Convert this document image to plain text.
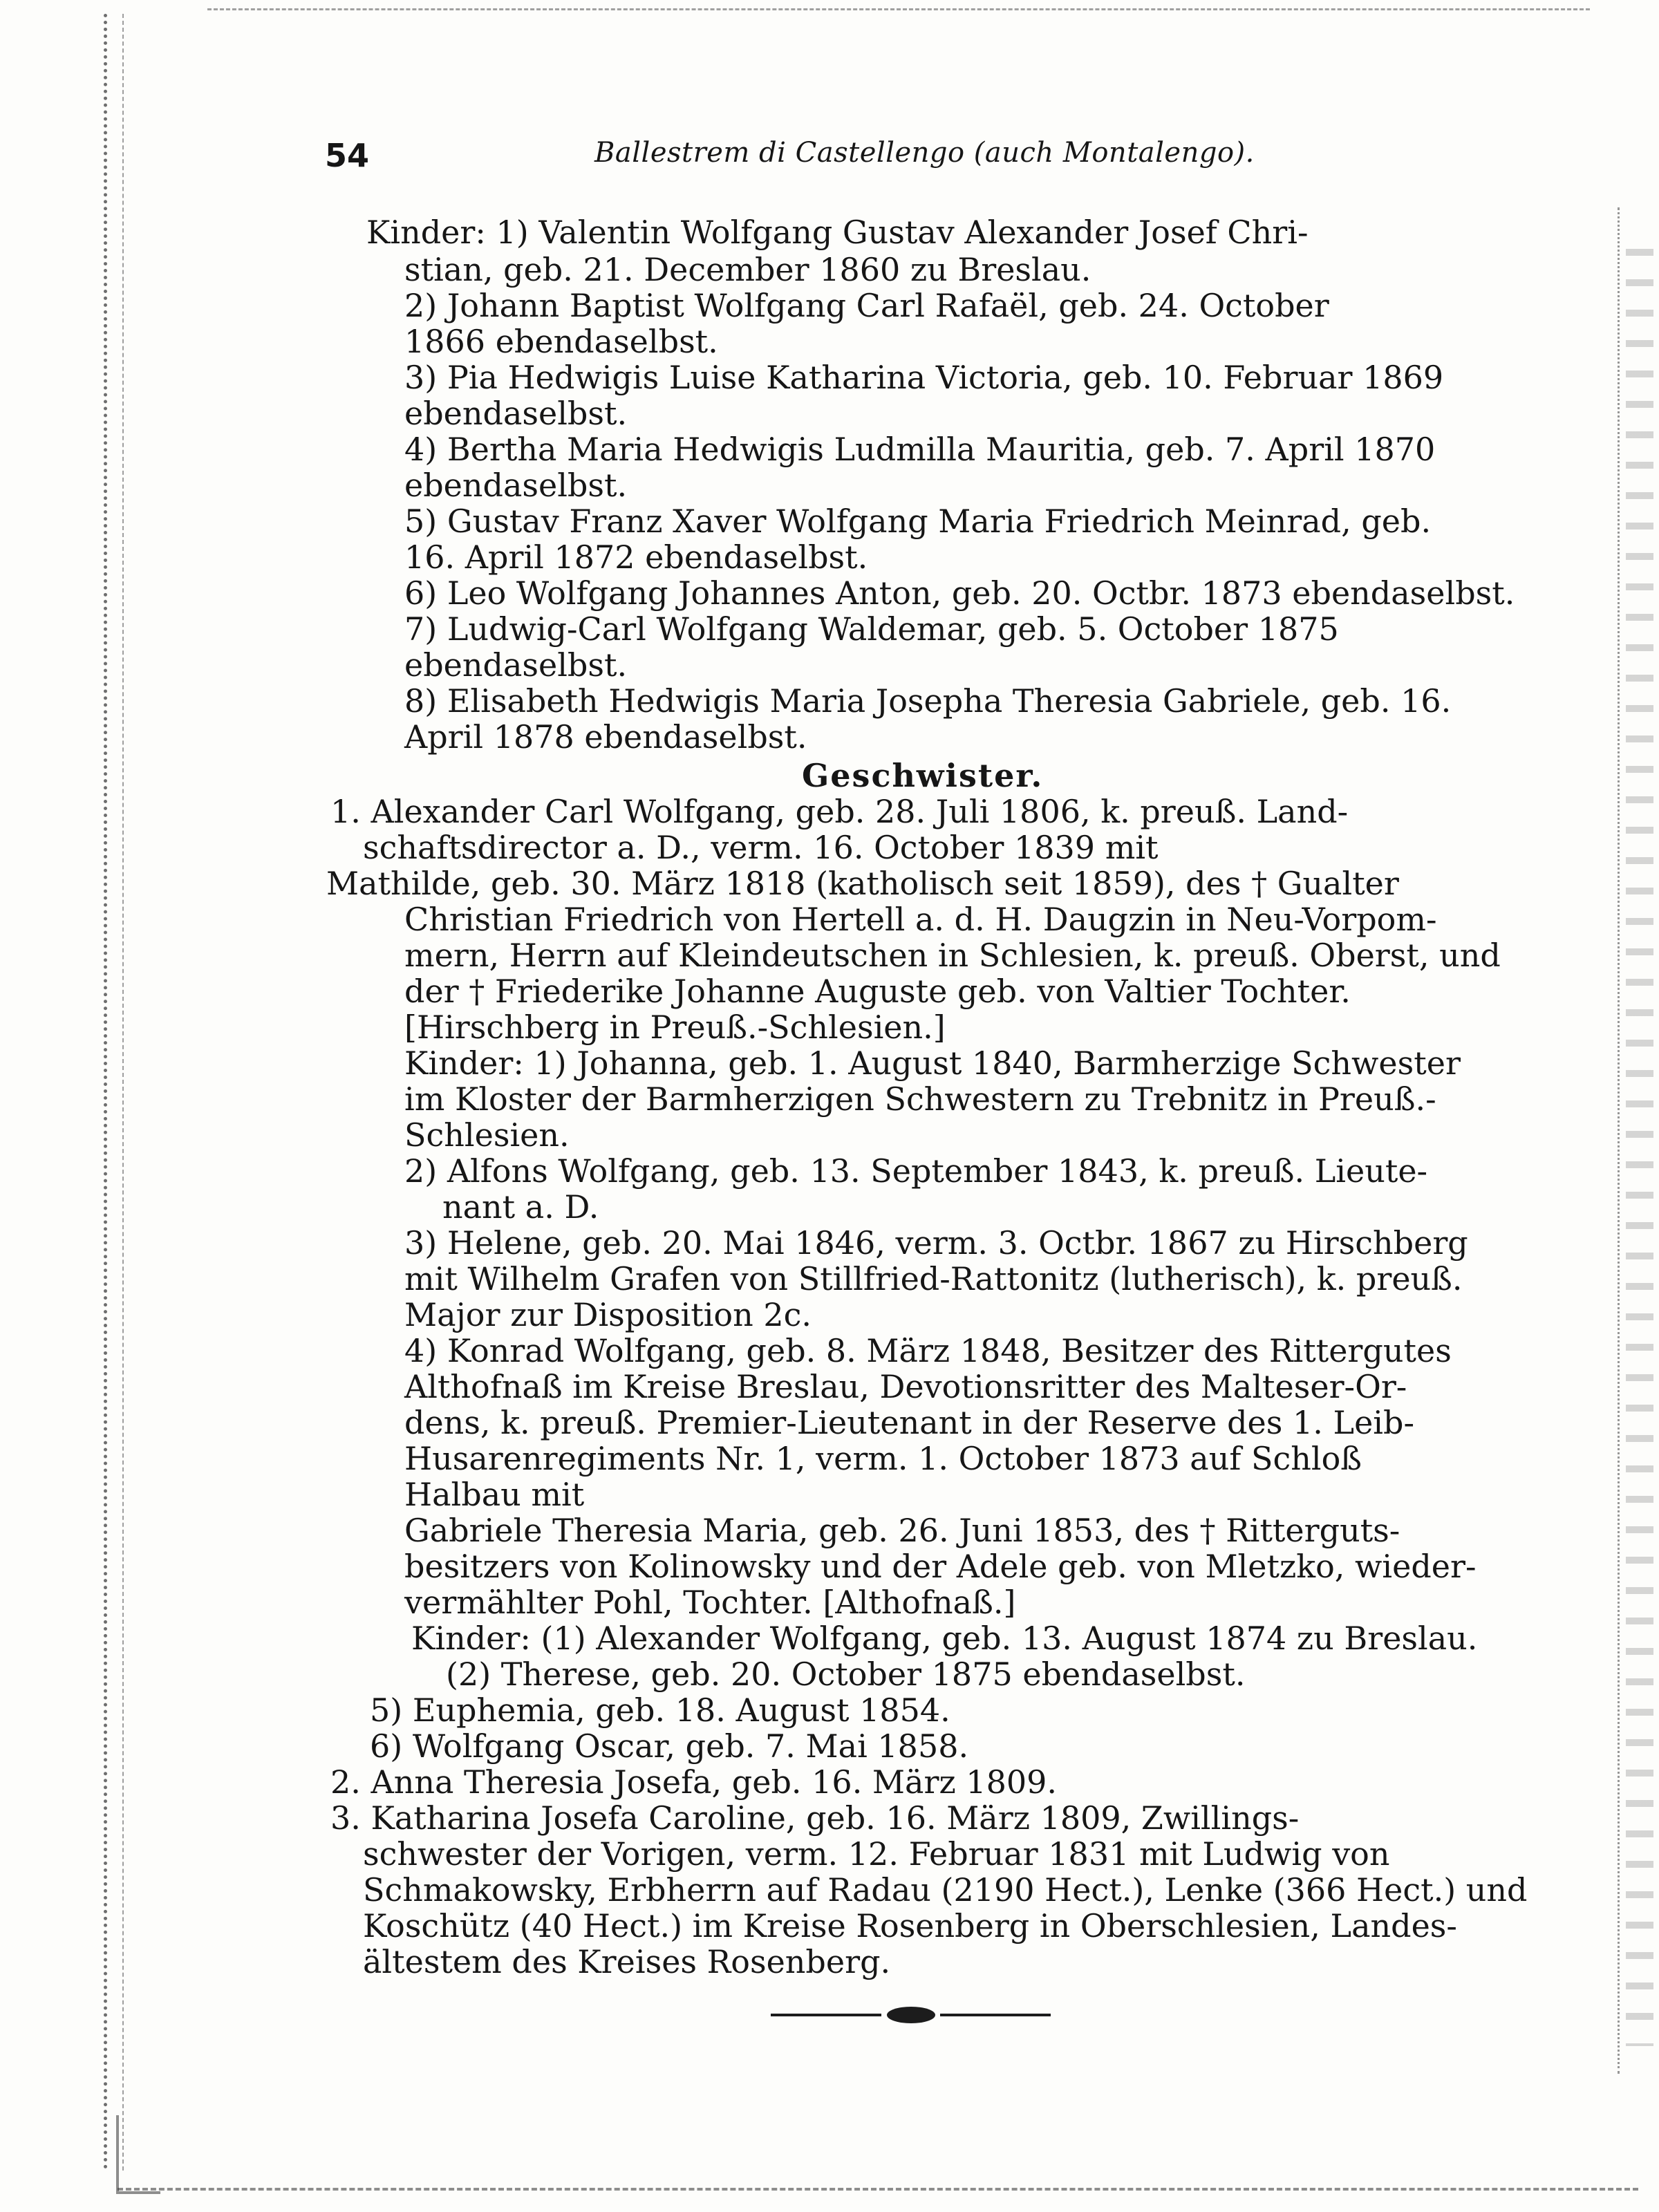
54	Ballestrem di Castellengo (auch Montalengo).
Kinder: 1) Valentin Wolfgang Gustav Alexander Josef Chri-
stian, geb. 21. December 1860 zu Breslau.
2) Johann Baptist Wolfgang Carl Rafaël, geb. 24. October
1866 ebendaselbst.
3) Pia Hedwigis Luise Katharina Victoria, geb. 10. Februar 1869
ebendaselbst.
4) Bertha Maria Hedwigis Ludmilla Mauritia, geb. 7. April 1870
ebendaselbst.
5) Gustav Franz Xaver Wolfgang Maria Friedrich Meinrad, geb.
16. April 1872 ebendaselbst.
6) Leo Wolfgang Johannes Anton, geb. 20. Octbr. 1873 ebendaselbst.
7) Ludwig-Carl Wolfgang Waldemar, geb. 5. October 1875
ebendaselbst.
8) Elisabeth Hedwigis Maria Josepha Theresia Gabriele, geb. 16.
April 1878 ebendaselbst.
Geschwister.
1. Alexander Carl Wolfgang, geb. 28. Juli 1806, k. preuß. Land-
schaftsdirector a. D., verm. 16. October 1839 mit
Mathilde, geb. 30. März 1818 (katholisch seit 1859), des † Gualter
Christian Friedrich von Hertell a. d. H. Daugzin in Neu-Vorpom-
mern, Herrn auf Kleindeutschen in Schlesien, k. preuß. Oberst, und
der † Friederike Johanne Auguste geb. von Valtier Tochter.
[Hirschberg in Preuß.-Schlesien.]
Kinder: 1) Johanna, geb. 1. August 1840, Barmherzige Schwester
im Kloster der Barmherzigen Schwestern zu Trebnitz in Preuß.-
Schlesien.
2) Alfons Wolfgang, geb. 13. September 1843, k. preuß. Lieute-
nant a. D.
3) Helene, geb. 20. Mai 1846, verm. 3. Octbr. 1867 zu Hirschberg
mit Wilhelm Grafen von Stillfried-Rattonitz (lutherisch), k. preuß.
Major zur Disposition 2c.
4) Konrad Wolfgang, geb. 8. März 1848, Besitzer des Rittergutes
Althofnaß im Kreise Breslau, Devotionsritter des Malteser-Or-
dens, k. preuß. Premier-Lieutenant in der Reserve des 1. Leib-
Husarenregiments Nr. 1, verm. 1. October 1873 auf Schloß
Halbau mit
Gabriele Theresia Maria, geb. 26. Juni 1853, des † Ritterguts-
besitzers von Kolinowsky und der Adele geb. von Mletzko, wieder-
vermählter Pohl, Tochter. [Althofnaß.]
Kinder: (1) Alexander Wolfgang, geb. 13. August 1874 zu Breslau.
(2) Therese, geb. 20. October 1875 ebendaselbst.
5) Euphemia, geb. 18. August 1854.
6) Wolfgang Oscar, geb. 7. Mai 1858.
2. Anna Theresia Josefa, geb. 16. März 1809.
3. Katharina Josefa Caroline, geb. 16. März 1809, Zwillings-
schwester der Vorigen, verm. 12. Februar 1831 mit Ludwig von
Schmakowsky, Erbherrn auf Radau (2190 Hect.), Lenke (366 Hect.) und
Koschütz (40 Hect.) im Kreise Rosenberg in Oberschlesien, Landes-
ältestem des Kreises Rosenberg.
